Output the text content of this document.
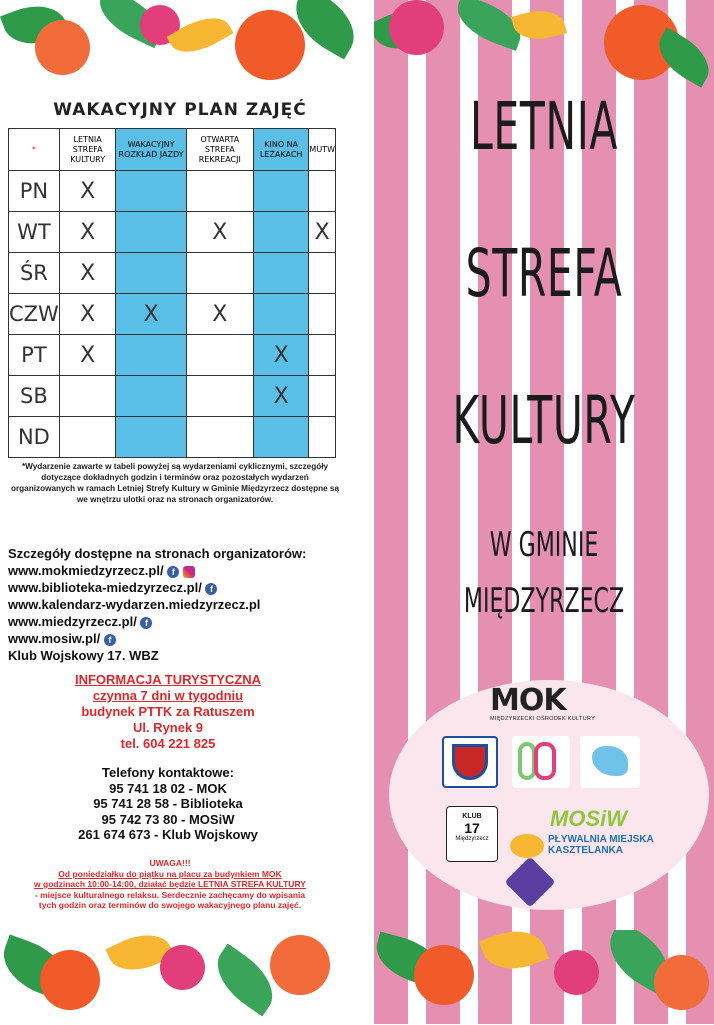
WAKACYJNY PLAN ZAJĘĆ
*	LETNIA STREFA KULTURY	WAKACYJNY ROZKŁAD JAZDY	OTWARTA STREFA REKREACJI	KINO NA LEŻAKACH	MUTW
PN	X				
WT	X		X		X
ŚR	X				
CZW	X	X	X		
PT	X			X	
SB				X	
ND					
*Wydarzenie zawarte w tabeli powyżej są wydarzeniami cyklicznymi, szczegóły dotyczące dokładnych godzin i terminów oraz pozostałych wydarzeń organizowanych w ramach Letniej Strefy Kultury w Gminie Międzyrzecz dostępne są we wnętrzu ulotki oraz na stronach organizatorów.
Szczegóły dostępne na stronach organizatorów:
www.mokmiedzyrzecz.pl/ f
www.biblioteka-miedzyrzecz.pl/ f
www.kalendarz-wydarzen.miedzyrzecz.pl
www.miedzyrzecz.pl/ f
www.mosiw.pl/ f
Klub Wojskowy 17. WBZ
INFORMACJA TURYSTYCZNA
czynna 7 dni w tygodniu
budynek PTTK za Ratuszem
Ul. Rynek 9
tel. 604 221 825
Telefony kontaktowe:
95 741 18 02 - MOK
95 741 28 58 - Biblioteka
95 742 73 80 - MOSiW
261 674 673 - Klub Wojskowy
UWAGA!!!
Od poniedziałku do piątku na placu za budynkiem MOK
w godzinach 10:00-14:00, działać będzie LETNIA STREFA KULTURY
- miejsce kulturalnego relaksu. Serdecznie zachęcamy do wpisania
tych godzin oraz terminów do swojego wakacyjnego planu zajęć.
LETNIA
STREFA
KULTURY
W GMINIE
MIĘDZYRZECZ
MOK
MIĘDZYRZECKI OŚRODEK KULTURY
KLUB
17
Międzyrzecz
MOSiW
PŁYWALNIA MIEJSKA KASZTELANKA
